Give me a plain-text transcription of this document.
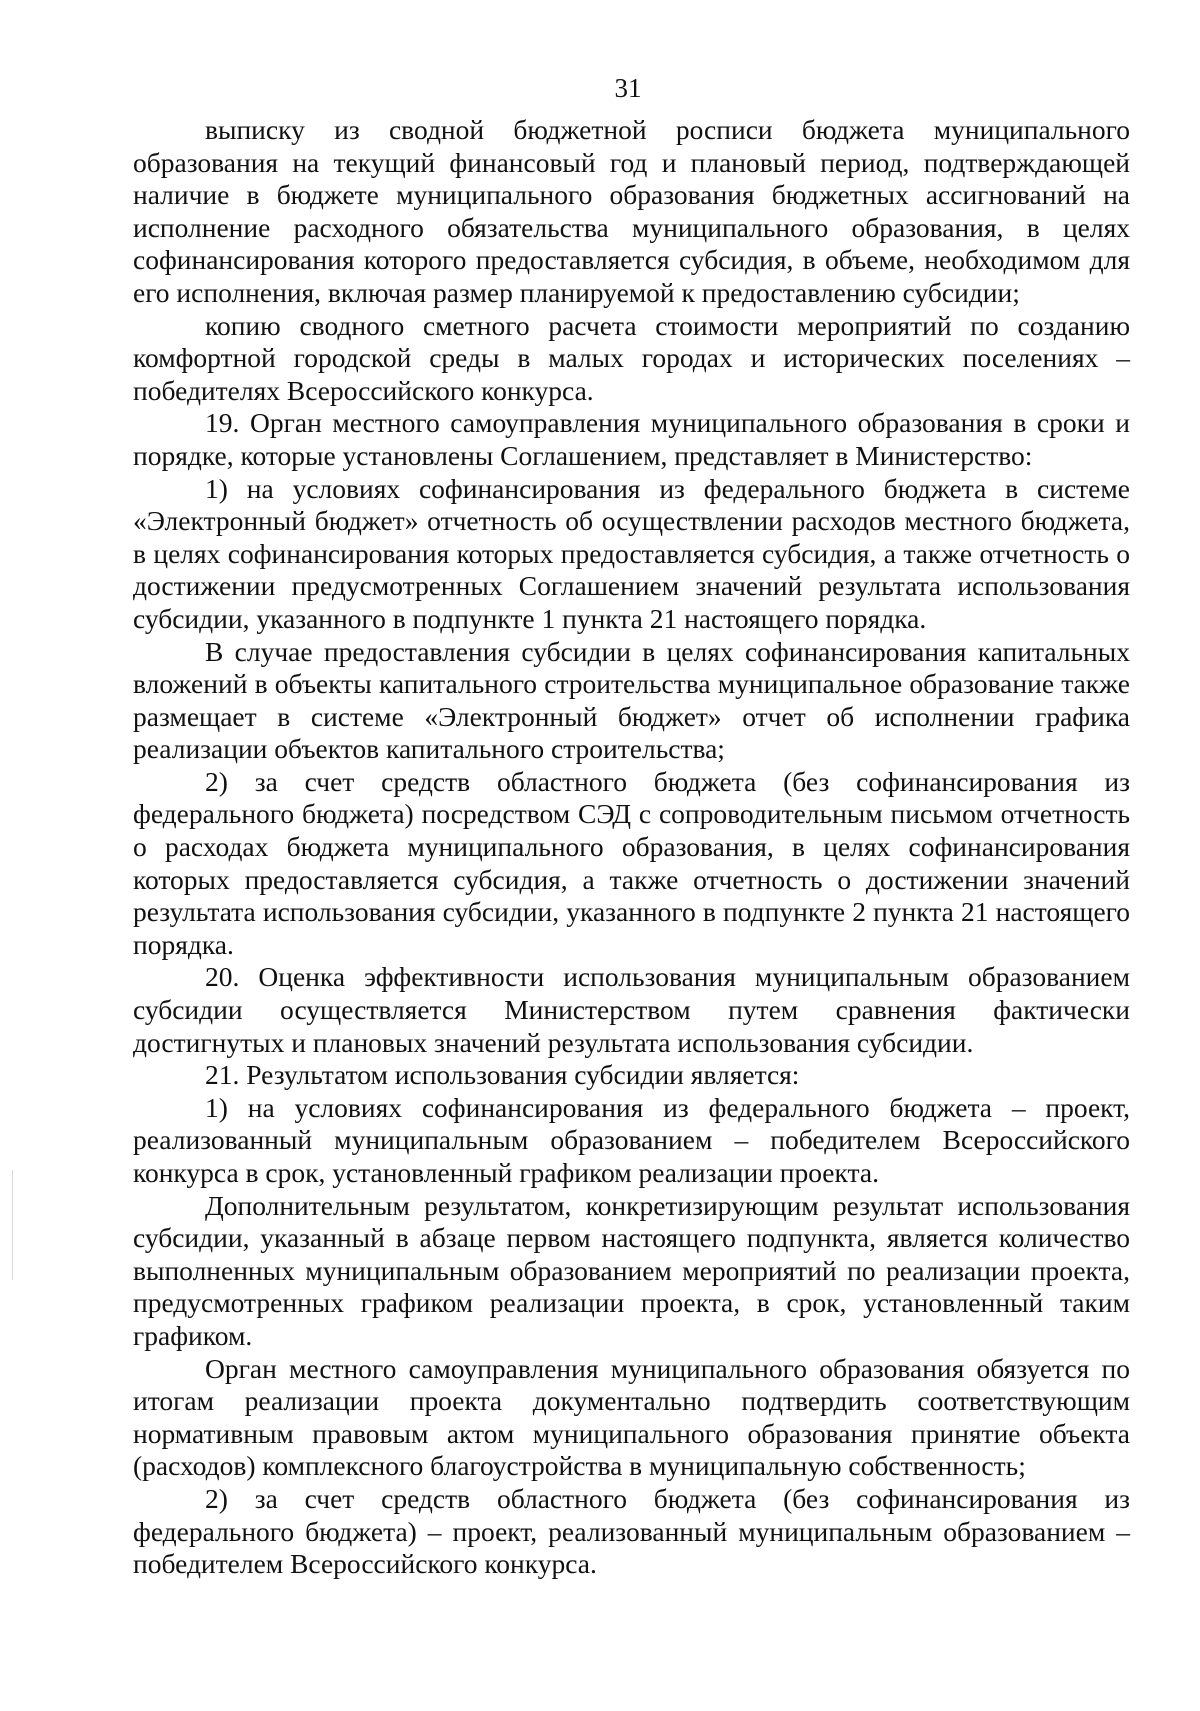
31

выписку из сводной бюджетной росписи бюджета муниципального образования на текущий финансовый год и плановый период, подтверждающей наличие в бюджете муниципального образования бюджетных ассигнований на исполнение расходного обязательства муниципального образования, в целях софинансирования которого предоставляется субсидия, в объеме, необходимом для его исполнения, включая размер планируемой к предоставлению субсидии;

копию сводного сметного расчета стоимости мероприятий по созданию комфортной городской среды в малых городах и исторических поселениях – победителях Всероссийского конкурса.

19. Орган местного самоуправления муниципального образования в сроки и порядке, которые установлены Соглашением, представляет в Министерство:

1) на условиях софинансирования из федерального бюджета в системе «Электронный бюджет» отчетность об осуществлении расходов местного бюджета, в целях софинансирования которых предоставляется субсидия, а также отчетность о достижении предусмотренных Соглашением значений результата использования субсидии, указанного в подпункте 1 пункта 21 настоящего порядка.

В случае предоставления субсидии в целях софинансирования капитальных вложений в объекты капитального строительства муниципальное образование также размещает в системе «Электронный бюджет» отчет об исполнении графика реализации объектов капитального строительства;

2) за счет средств областного бюджета (без софинансирования из федерального бюджета) посредством СЭД с сопроводительным письмом отчетность о расходах бюджета муниципального образования, в целях софинансирования которых предоставляется субсидия, а также отчетность о достижении значений результата использования субсидии, указанного в подпункте 2 пункта 21 настоящего порядка.

20. Оценка эффективности использования муниципальным образованием субсидии осуществляется Министерством путем сравнения фактически достигнутых и плановых значений результата использования субсидии.

21. Результатом использования субсидии является:

1) на условиях софинансирования из федерального бюджета – проект, реализованный муниципальным образованием – победителем Всероссийского конкурса в срок, установленный графиком реализации проекта.

Дополнительным результатом, конкретизирующим результат использования субсидии, указанный в абзаце первом настоящего подпункта, является количество выполненных муниципальным образованием мероприятий по реализации проекта, предусмотренных графиком реализации проекта, в срок, установленный таким графиком.

Орган местного самоуправления муниципального образования обязуется по итогам реализации проекта документально подтвердить соответствующим нормативным правовым актом муниципального образования принятие объекта (расходов) комплексного благоустройства в муниципальную собственность;

2) за счет средств областного бюджета (без софинансирования из федерального бюджета) – проект, реализованный муниципальным образованием – победителем Всероссийского конкурса.
